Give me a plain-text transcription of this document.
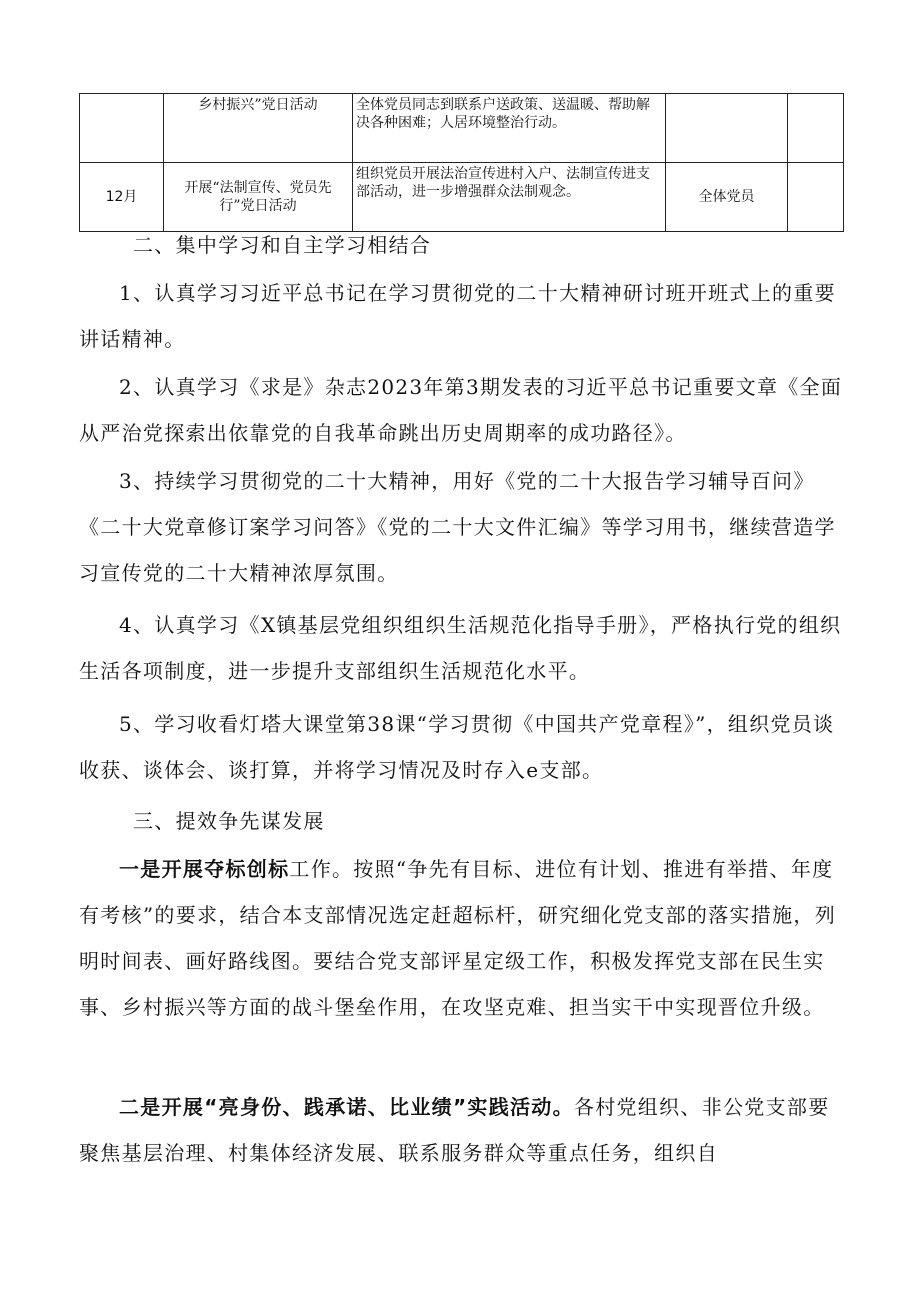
	乡村振兴”党日活动	全体党员同志到联系户送政策、送温暖、帮助解决各种困难；人居环境整治行动。		
12月	开展“法制宣传、党员先行”党日活动	组织党员开展法治宣传进村入户、法制宣传进支部活动，进一步增强群众法制观念。	全体党员	

二、集中学习和自主学习相结合

1、认真学习习近平总书记在学习贯彻党的二十大精神研讨班开班式上的重要讲话精神。

2、认真学习《求是》杂志2023年第3期发表的习近平总书记重要文章《全面从严治党探索出依靠党的自我革命跳出历史周期率的成功路径》。

3、持续学习贯彻党的二十大精神，用好《党的二十大报告学习辅导百问》《二十大党章修订案学习问答》《党的二十大文件汇编》等学习用书，继续营造学习宣传党的二十大精神浓厚氛围。

4、认真学习《X镇基层党组织组织生活规范化指导手册》，严格执行党的组织生活各项制度，进一步提升支部组织生活规范化水平。

5、学习收看灯塔大课堂第38课“学习贯彻《中国共产党章程》”，组织党员谈收获、谈体会、谈打算，并将学习情况及时存入e支部。

三、提效争先谋发展

一是开展夺标创标工作。按照“争先有目标、进位有计划、推进有举措、年度有考核”的要求，结合本支部情况选定赶超标杆，研究细化党支部的落实措施，列明时间表、画好路线图。要结合党支部评星定级工作，积极发挥党支部在民生实事、乡村振兴等方面的战斗堡垒作用，在攻坚克难、担当实干中实现晋位升级。

二是开展“亮身份、践承诺、比业绩”实践活动。各村党组织、非公党支部要聚焦基层治理、村集体经济发展、联系服务群众等重点任务，组织自
